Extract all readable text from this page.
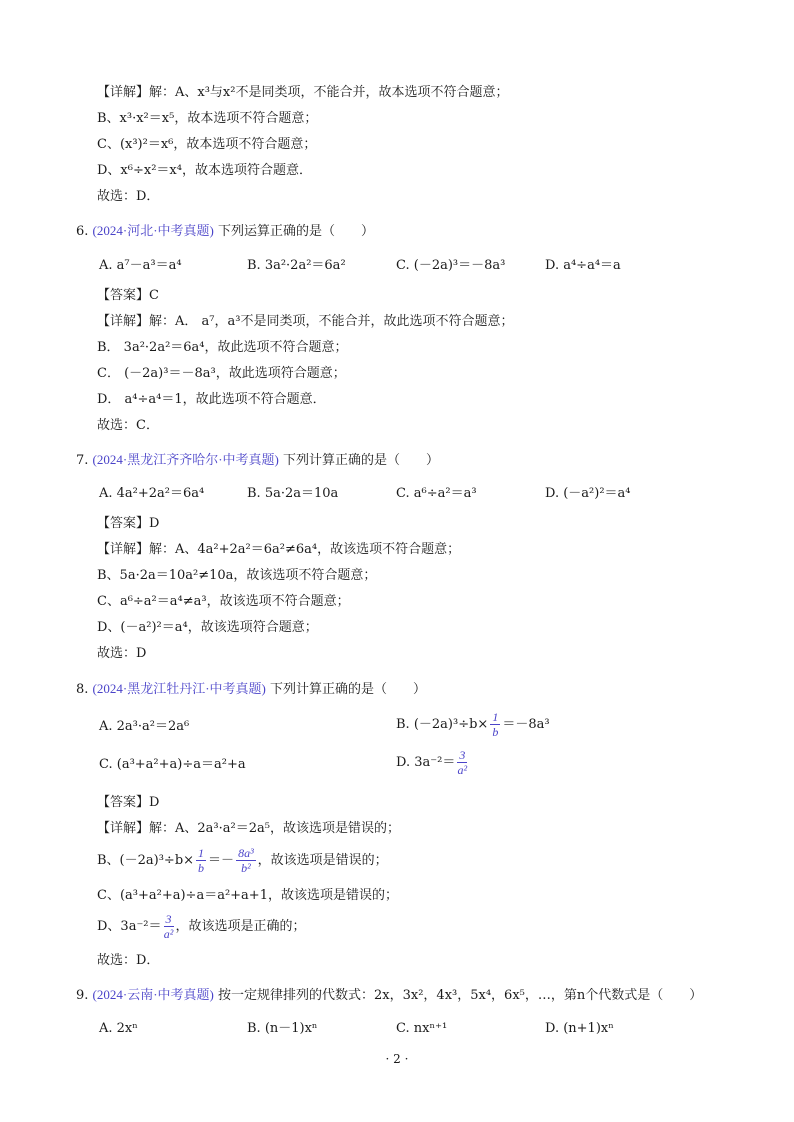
【详解】解：A、x³与x²不是同类项，不能合并，故本选项不符合题意；
B、x³·x²＝x⁵，故本选项不符合题意；
C、(x³)²＝x⁶，故本选项不符合题意；
D、x⁶÷x²＝x⁴，故本选项符合题意．
故选：D．
6. (2024·河北·中考真题) 下列运算正确的是（　　）
A. a⁷－a³＝a⁴	B. 3a²·2a²＝6a²	C. (－2a)³＝－8a³	D. a⁴÷a⁴＝a
【答案】C
【详解】解：A． a⁷，a³不是同类项，不能合并，故此选项不符合题意；
B． 3a²·2a²＝6a⁴，故此选项不符合题意；
C． (－2a)³＝－8a³，故此选项符合题意；
D． a⁴÷a⁴＝1，故此选项不符合题意．
故选：C．
7. (2024·黑龙江齐齐哈尔·中考真题) 下列计算正确的是（　　）
A. 4a²+2a²＝6a⁴	B. 5a·2a＝10a	C. a⁶÷a²＝a³	D. (－a²)²＝a⁴
【答案】D
【详解】解：A、4a²+2a²＝6a²≠6a⁴，故该选项不符合题意；
B、5a·2a＝10a²≠10a，故该选项不符合题意；
C、a⁶÷a²＝a⁴≠a³，故该选项不符合题意；
D、(－a²)²＝a⁴，故该选项符合题意；
故选：D
8. (2024·黑龙江牡丹江·中考真题) 下列计算正确的是（　　）
A. 2a³·a²＝2a⁶	B. $(-2a)^3\div b\times \frac{1}{b} =-8a^3$
C. (a³+a²+a)÷a＝a²+a	D. $3a^{-2}= \frac{3}{\text{a²}}$
【答案】D
【详解】解：A、2a³·a²＝2a⁵，故该选项是错误的；
B、$(-2a)^3\div b\times \frac{1}{b} =- \frac{\text{8a³}}{\text{b²}}$ ，故该选项是错误的；
C、(a³+a²+a)÷a＝a²+a+1，故该选项是错误的；
D、$3a^{-2}= \frac{3}{\text{a²}}$ ，故该选项是正确的；
故选：D．
9. (2024·云南·中考真题) 按一定规律排列的代数式：2x，3x²，4x³，5x⁴，6x⁵，…，第n个代数式是（　　）
A. 2xⁿ	B. (n－1)xⁿ	C. nxⁿ⁺¹	D. (n+1)xⁿ
· 2 ·
